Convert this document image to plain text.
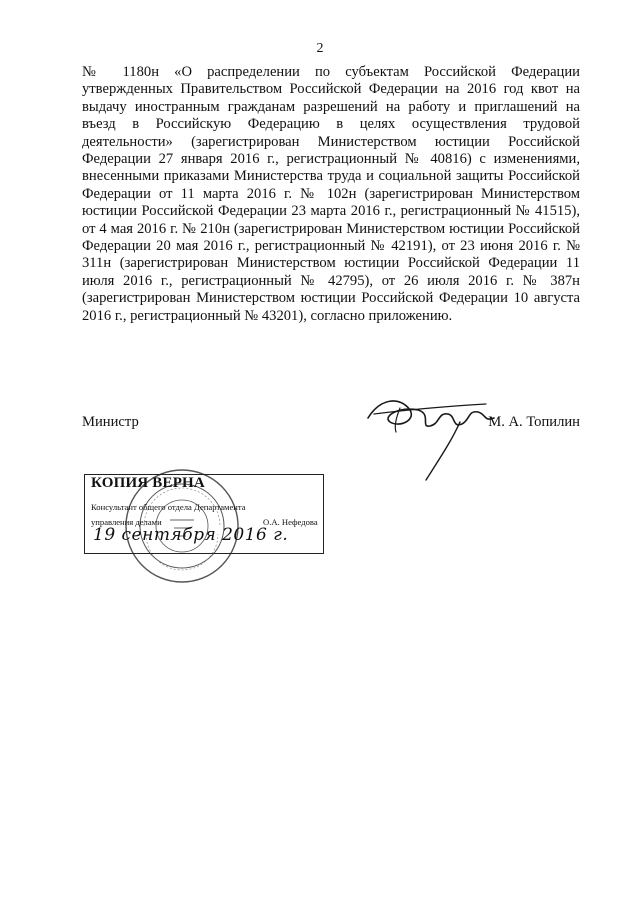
2

№ 1180н «О распределении по субъектам Российской Федерации утвержденных Правительством Российской Федерации на 2016 год квот на выдачу иностранным гражданам разрешений на работу и приглашений на въезд в Российскую Федерацию в целях осуществления трудовой деятельности» (зарегистрирован Министерством юстиции Российской Федерации 27 января 2016 г., регистрационный № 40816) с изменениями, внесенными приказами Министерства труда и социальной защиты Российской Федерации от 11 марта 2016 г. № 102н (зарегистрирован Министерством юстиции Российской Федерации 23 марта 2016 г., регистрационный № 41515), от 4 мая 2016 г. № 210н (зарегистрирован Министерством юстиции Российской Федерации 20 мая 2016 г., регистрационный № 42191), от 23 июня 2016 г. № 311н (зарегистрирован Министерством юстиции Российской Федерации 11 июля 2016 г., регистрационный № 42795), от 26 июля 2016 г. № 387н (зарегистрирован Министерством юстиции Российской Федерации 10 августа 2016 г., регистрационный № 43201), согласно приложению.

Министр	М. А. Топилин
КОПИЯ ВЕРНА
Консультант общего отдела Департамента
управления делами	О.А. Нефедова
19 сентября 2016 г.
